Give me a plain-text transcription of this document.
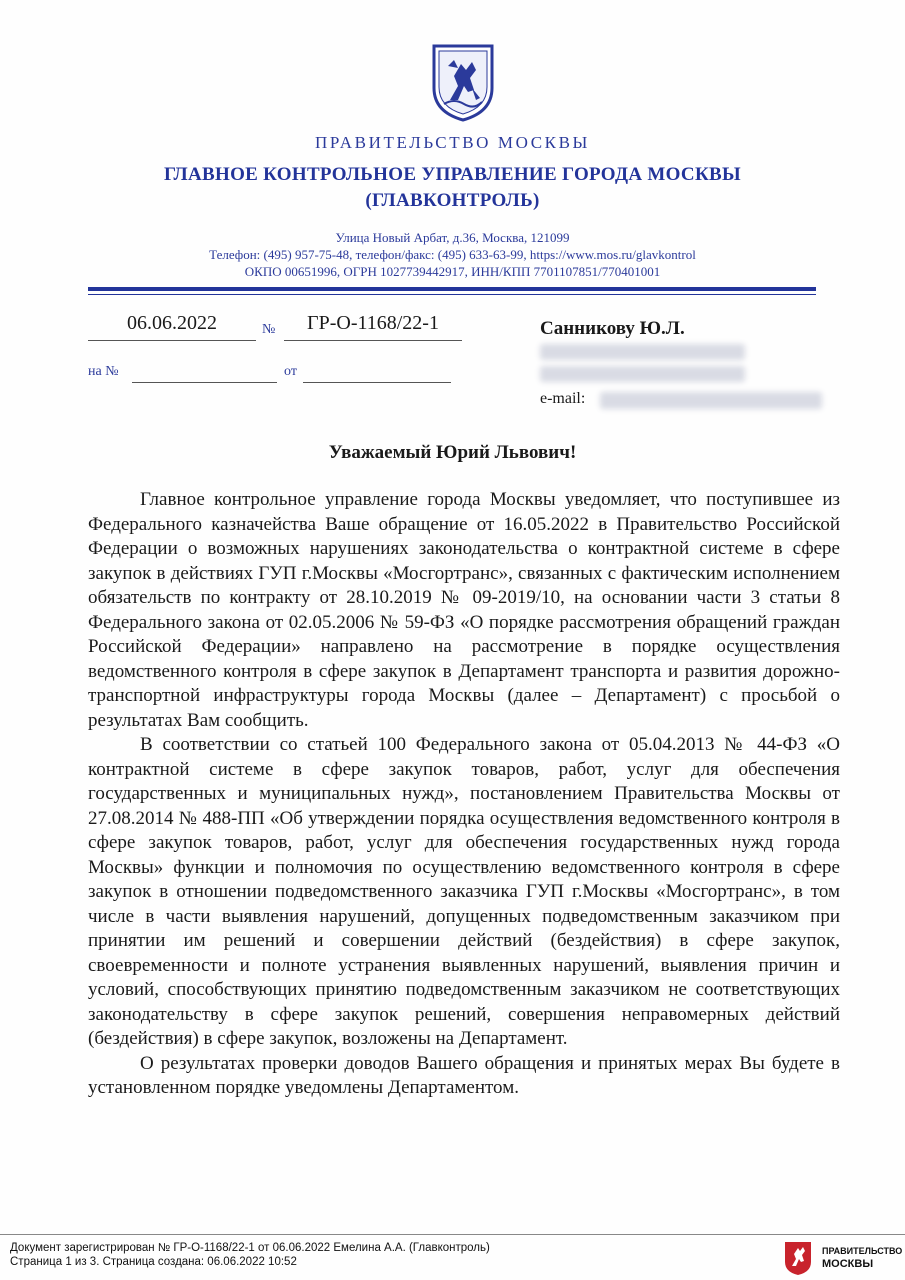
ПРАВИТЕЛЬСТВО МОСКВЫ
ГЛАВНОЕ КОНТРОЛЬНОЕ УПРАВЛЕНИЕ ГОРОДА МОСКВЫ
(ГЛАВКОНТРОЛЬ)
Улица Новый Арбат, д.36, Москва, 121099
Телефон: (495) 957-75-48, телефон/факс: (495) 633-63-99, https://www.mos.ru/glavkontrol
ОКПО 00651996, ОГРН 1027739442917, ИНН/КПП 7701107851/770401001
06.06.2022	№	ГР-О-1168/22-1
на №	от
Санникову Ю.Л.
e-mail:
Уважаемый Юрий Львович!

Главное контрольное управление города Москвы уведомляет, что поступившее из Федерального казначейства Ваше обращение от 16.05.2022 в Правительство Российской Федерации о возможных нарушениях законодательства о контрактной системе в сфере закупок в действиях ГУП г.Москвы «Мосгортранс», связанных с фактическим исполнением обязательств по контракту от 28.10.2019 № 09-2019/10, на основании части 3 статьи 8 Федерального закона от 02.05.2006 № 59-ФЗ «О порядке рассмотрения обращений граждан Российской Федерации» направлено на рассмотрение в порядке осуществления ведомственного контроля в сфере закупок в Департамент транспорта и развития дорожно-транспортной инфраструктуры города Москвы (далее – Департамент) с просьбой о результатах Вам сообщить.

В соответствии со статьей 100 Федерального закона от 05.04.2013 № 44-ФЗ «О контрактной системе в сфере закупок товаров, работ, услуг для обеспечения государственных и муниципальных нужд», постановлением Правительства Москвы от 27.08.2014 № 488-ПП «Об утверждении порядка осуществления ведомственного контроля в сфере закупок товаров, работ, услуг для обеспечения государственных нужд города Москвы» функции и полномочия по осуществлению ведомственного контроля в сфере закупок в отношении подведомственного заказчика ГУП г.Москвы «Мосгортранс», в том числе в части выявления нарушений, допущенных подведомственным заказчиком при принятии им решений и совершении действий (бездействия) в сфере закупок, своевременности и полноте устранения выявленных нарушений, выявления причин и условий, способствующих принятию подведомственным заказчиком не соответствующих законодательству в сфере закупок решений, совершения неправомерных действий (бездействия) в сфере закупок, возложены на Департамент.

О результатах проверки доводов Вашего обращения и принятых мерах Вы будете в установленном порядке уведомлены Департаментом.

Документ зарегистрирован № ГР-О-1168/22-1 от 06.06.2022 Емелина А.А. (Главконтроль)
Страница 1 из 3. Страница создана: 06.06.2022 10:52
ПРАВИТЕЛЬСТВО
МОСКВЫ
